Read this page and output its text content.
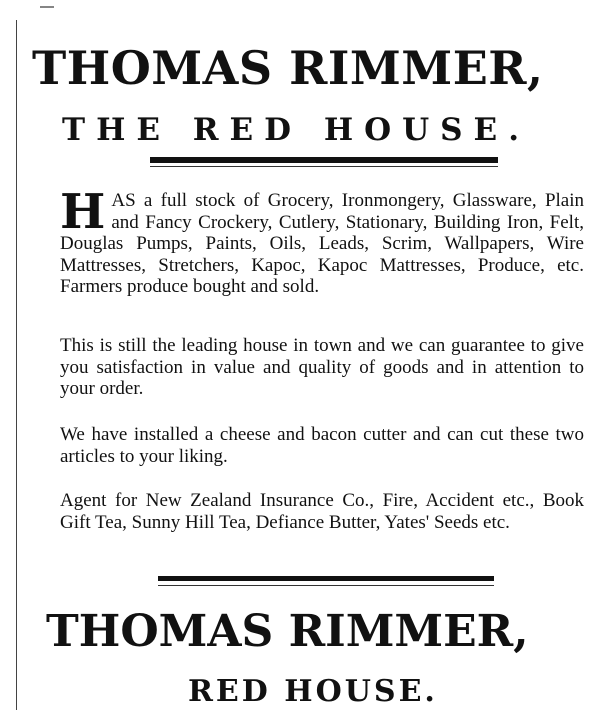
THOMAS RIMMER,
THE RED HOUSE.
HAS a full stock of Grocery, Ironmongery, Glassware, Plain and Fancy Crockery, Cutlery, Stationary, Building Iron, Felt, Douglas Pumps, Paints, Oils, Leads, Scrim, Wallpapers, Wire Mattresses, Stretchers, Kapoc, Kapoc Mattresses, Produce, etc. Farmers produce bought and sold.
This is still the leading house in town and we can guarantee to give you satisfaction in value and quality of goods and in attention to your order.
We have installed a cheese and bacon cutter and can cut these two articles to your liking.
Agent for New Zealand Insurance Co., Fire, Accident etc., Book Gift Tea, Sunny Hill Tea, Defiance Butter, Yates' Seeds etc.
THOMAS RIMMER,
RED HOUSE.
